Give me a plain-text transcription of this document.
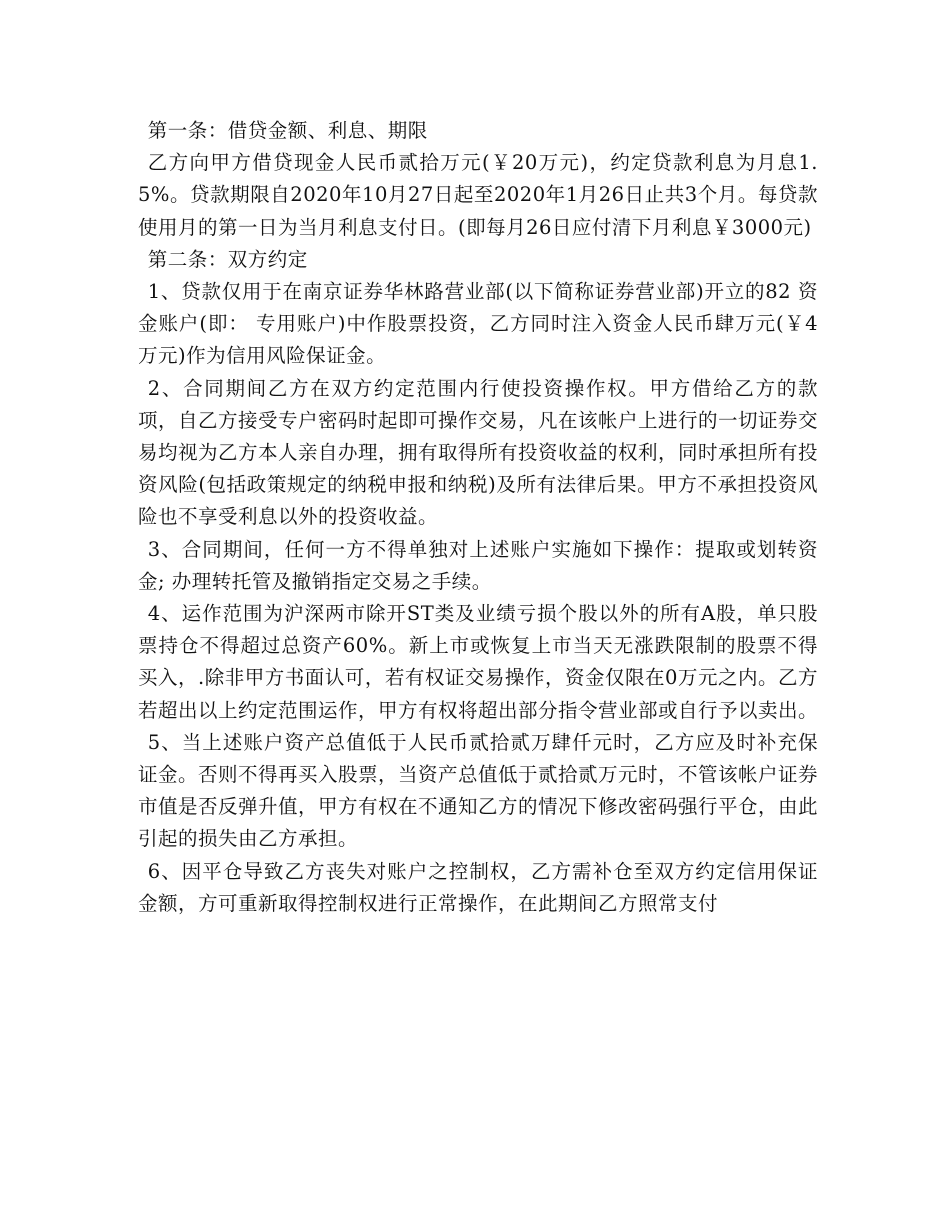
第一条：借贷金额、利息、期限

乙方向甲方借贷现金人民币贰拾万元(￥20万元)，约定贷款利息为月息1.5%。贷款期限自2020年10月27日起至2020年1月26日止共3个月。每贷款使用月的第一日为当月利息支付日。(即每月26日应付清下月利息￥3000元)

第二条：双方约定

1、贷款仅用于在南京证券华林路营业部(以下简称证券营业部)开立的82 资金账户(即： 专用账户)中作股票投资，乙方同时注入资金人民币肆万元(￥4万元)作为信用风险保证金。

2、合同期间乙方在双方约定范围内行使投资操作权。甲方借给乙方的款项，自乙方接受专户密码时起即可操作交易，凡在该帐户上进行的一切证券交易均视为乙方本人亲自办理，拥有取得所有投资收益的权利，同时承担所有投资风险(包括政策规定的纳税申报和纳税)及所有法律后果。甲方不承担投资风险也不享受利息以外的投资收益。

3、合同期间，任何一方不得单独对上述账户实施如下操作：提取或划转资金; 办理转托管及撤销指定交易之手续。

4、运作范围为沪深两市除开ST类及业绩亏损个股以外的所有A股，单只股票持仓不得超过总资产60%。新上市或恢复上市当天无涨跌限制的股票不得买入，.除非甲方书面认可，若有权证交易操作，资金仅限在0万元之内。乙方若超出以上约定范围运作，甲方有权将超出部分指令营业部或自行予以卖出。

5、当上述账户资产总值低于人民币贰拾贰万肆仟元时，乙方应及时补充保证金。否则不得再买入股票，当资产总值低于贰拾贰万元时，不管该帐户证券市值是否反弹升值，甲方有权在不通知乙方的情况下修改密码强行平仓，由此引起的损失由乙方承担。

6、因平仓导致乙方丧失对账户之控制权，乙方需补仓至双方约定信用保证金额，方可重新取得控制权进行正常操作，在此期间乙方照常支付
